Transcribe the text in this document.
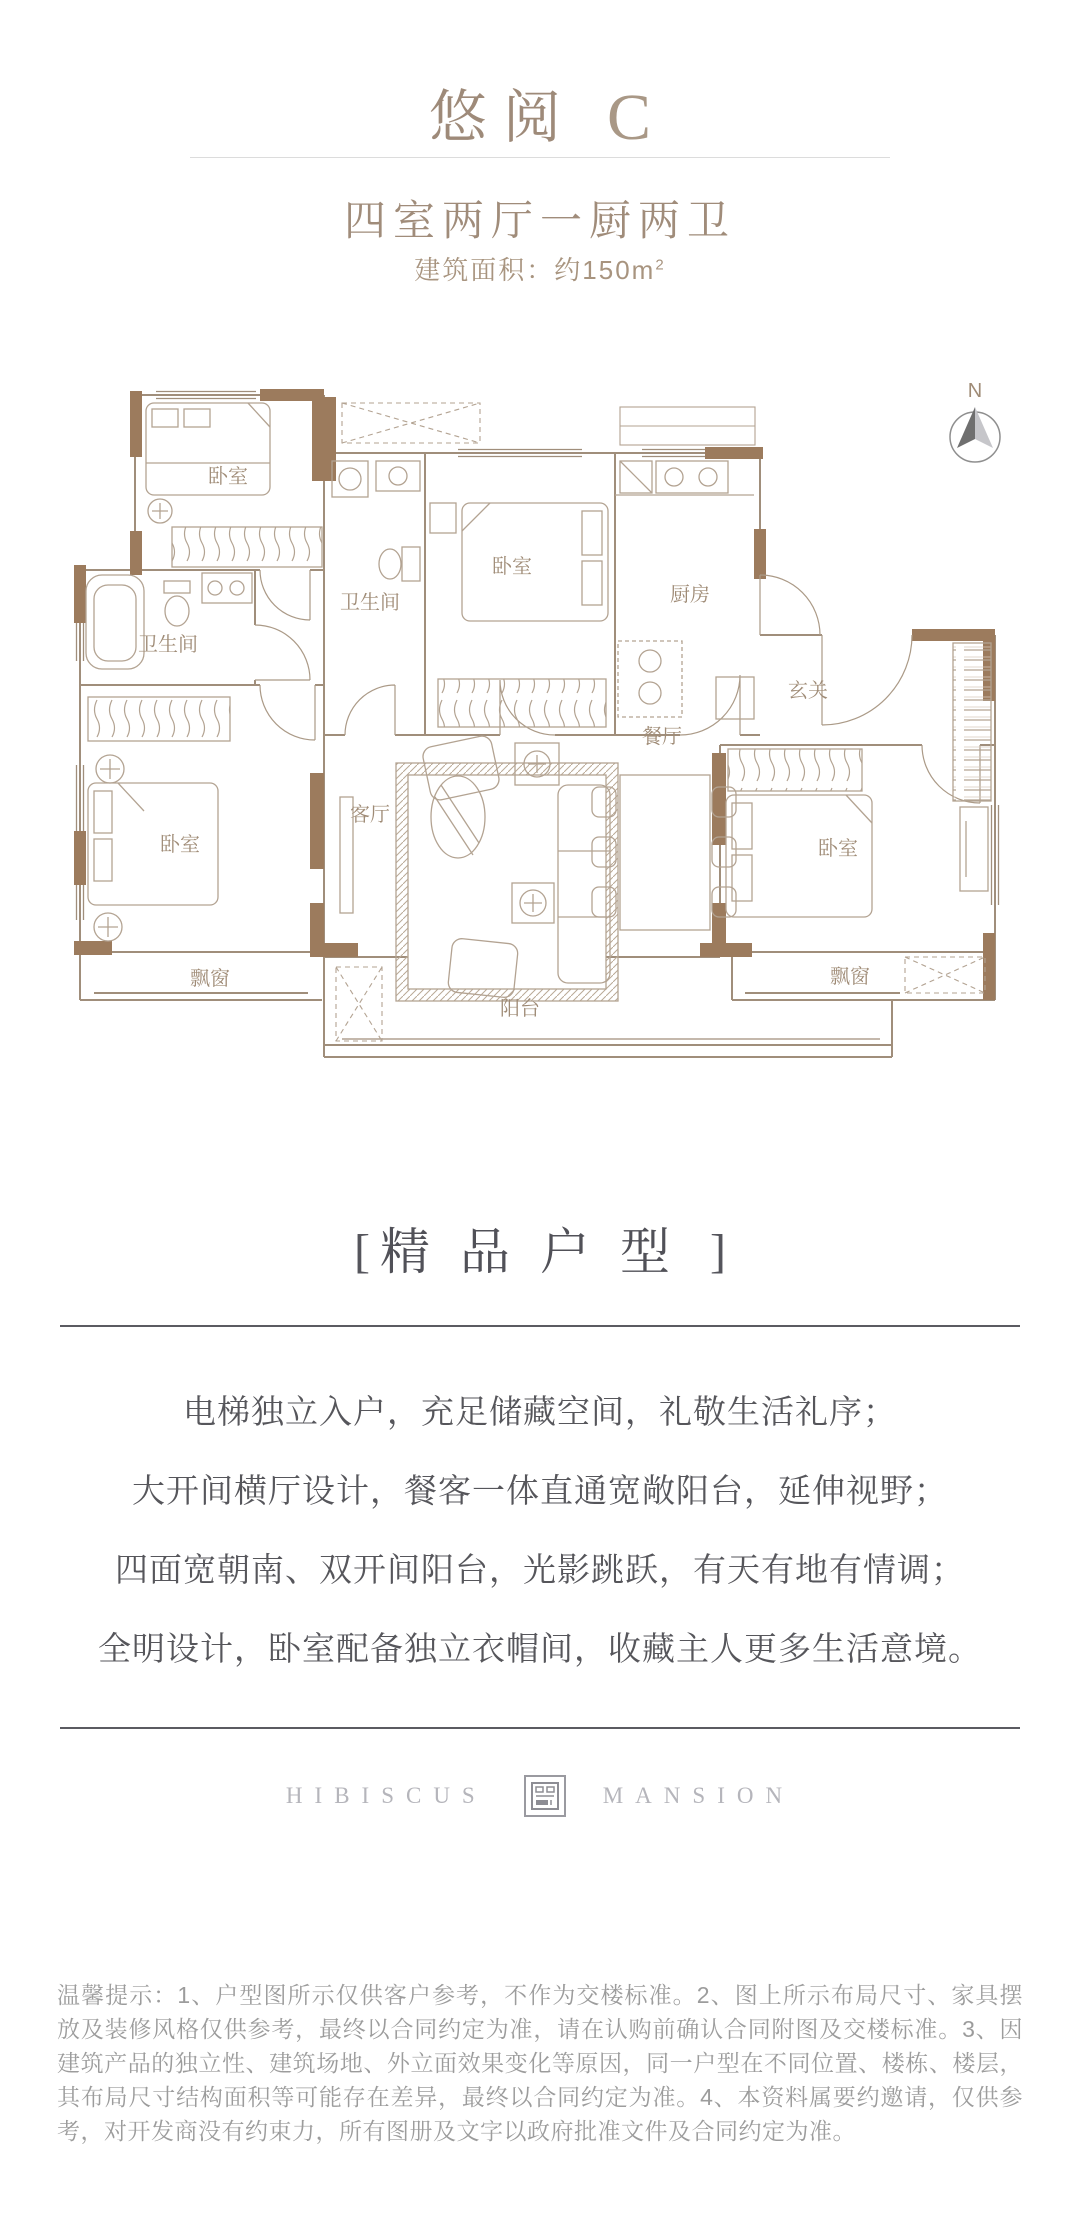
悠阅 C
四室两厅一厨两卫
建筑面积：约$150m^2$
N
卧室
卫生间
卧室
厨房
卫生间
玄关
客厅
餐厅
卧室	卧室
飘窗	飘窗
阳台
[ 精品户型 ]
电梯独立入户，充足储藏空间，礼敬生活礼序；
大开间横厅设计，餐客一体直通宽敞阳台，延伸视野；
四面宽朝南、双开间阳台，光影跳跃，有天有地有情调；
全明设计，卧室配备独立衣帽间，收藏主人更多生活意境。
HIBISCUS	MANSION
温馨提示：1、户型图所示仅供客户参考，不作为交楼标准。2、图上所示布局尺寸、家具摆放及装修风格仅供参考，最终以合同约定为准，请在认购前确认合同附图及交楼标准。3、因建筑产品的独立性、建筑场地、外立面效果变化等原因，同一户型在不同位置、楼栋、楼层，其布局尺寸结构面积等可能存在差异，最终以合同约定为准。4、本资料属要约邀请，仅供参考，对开发商没有约束力，所有图册及文字以政府批准文件及合同约定为准。
